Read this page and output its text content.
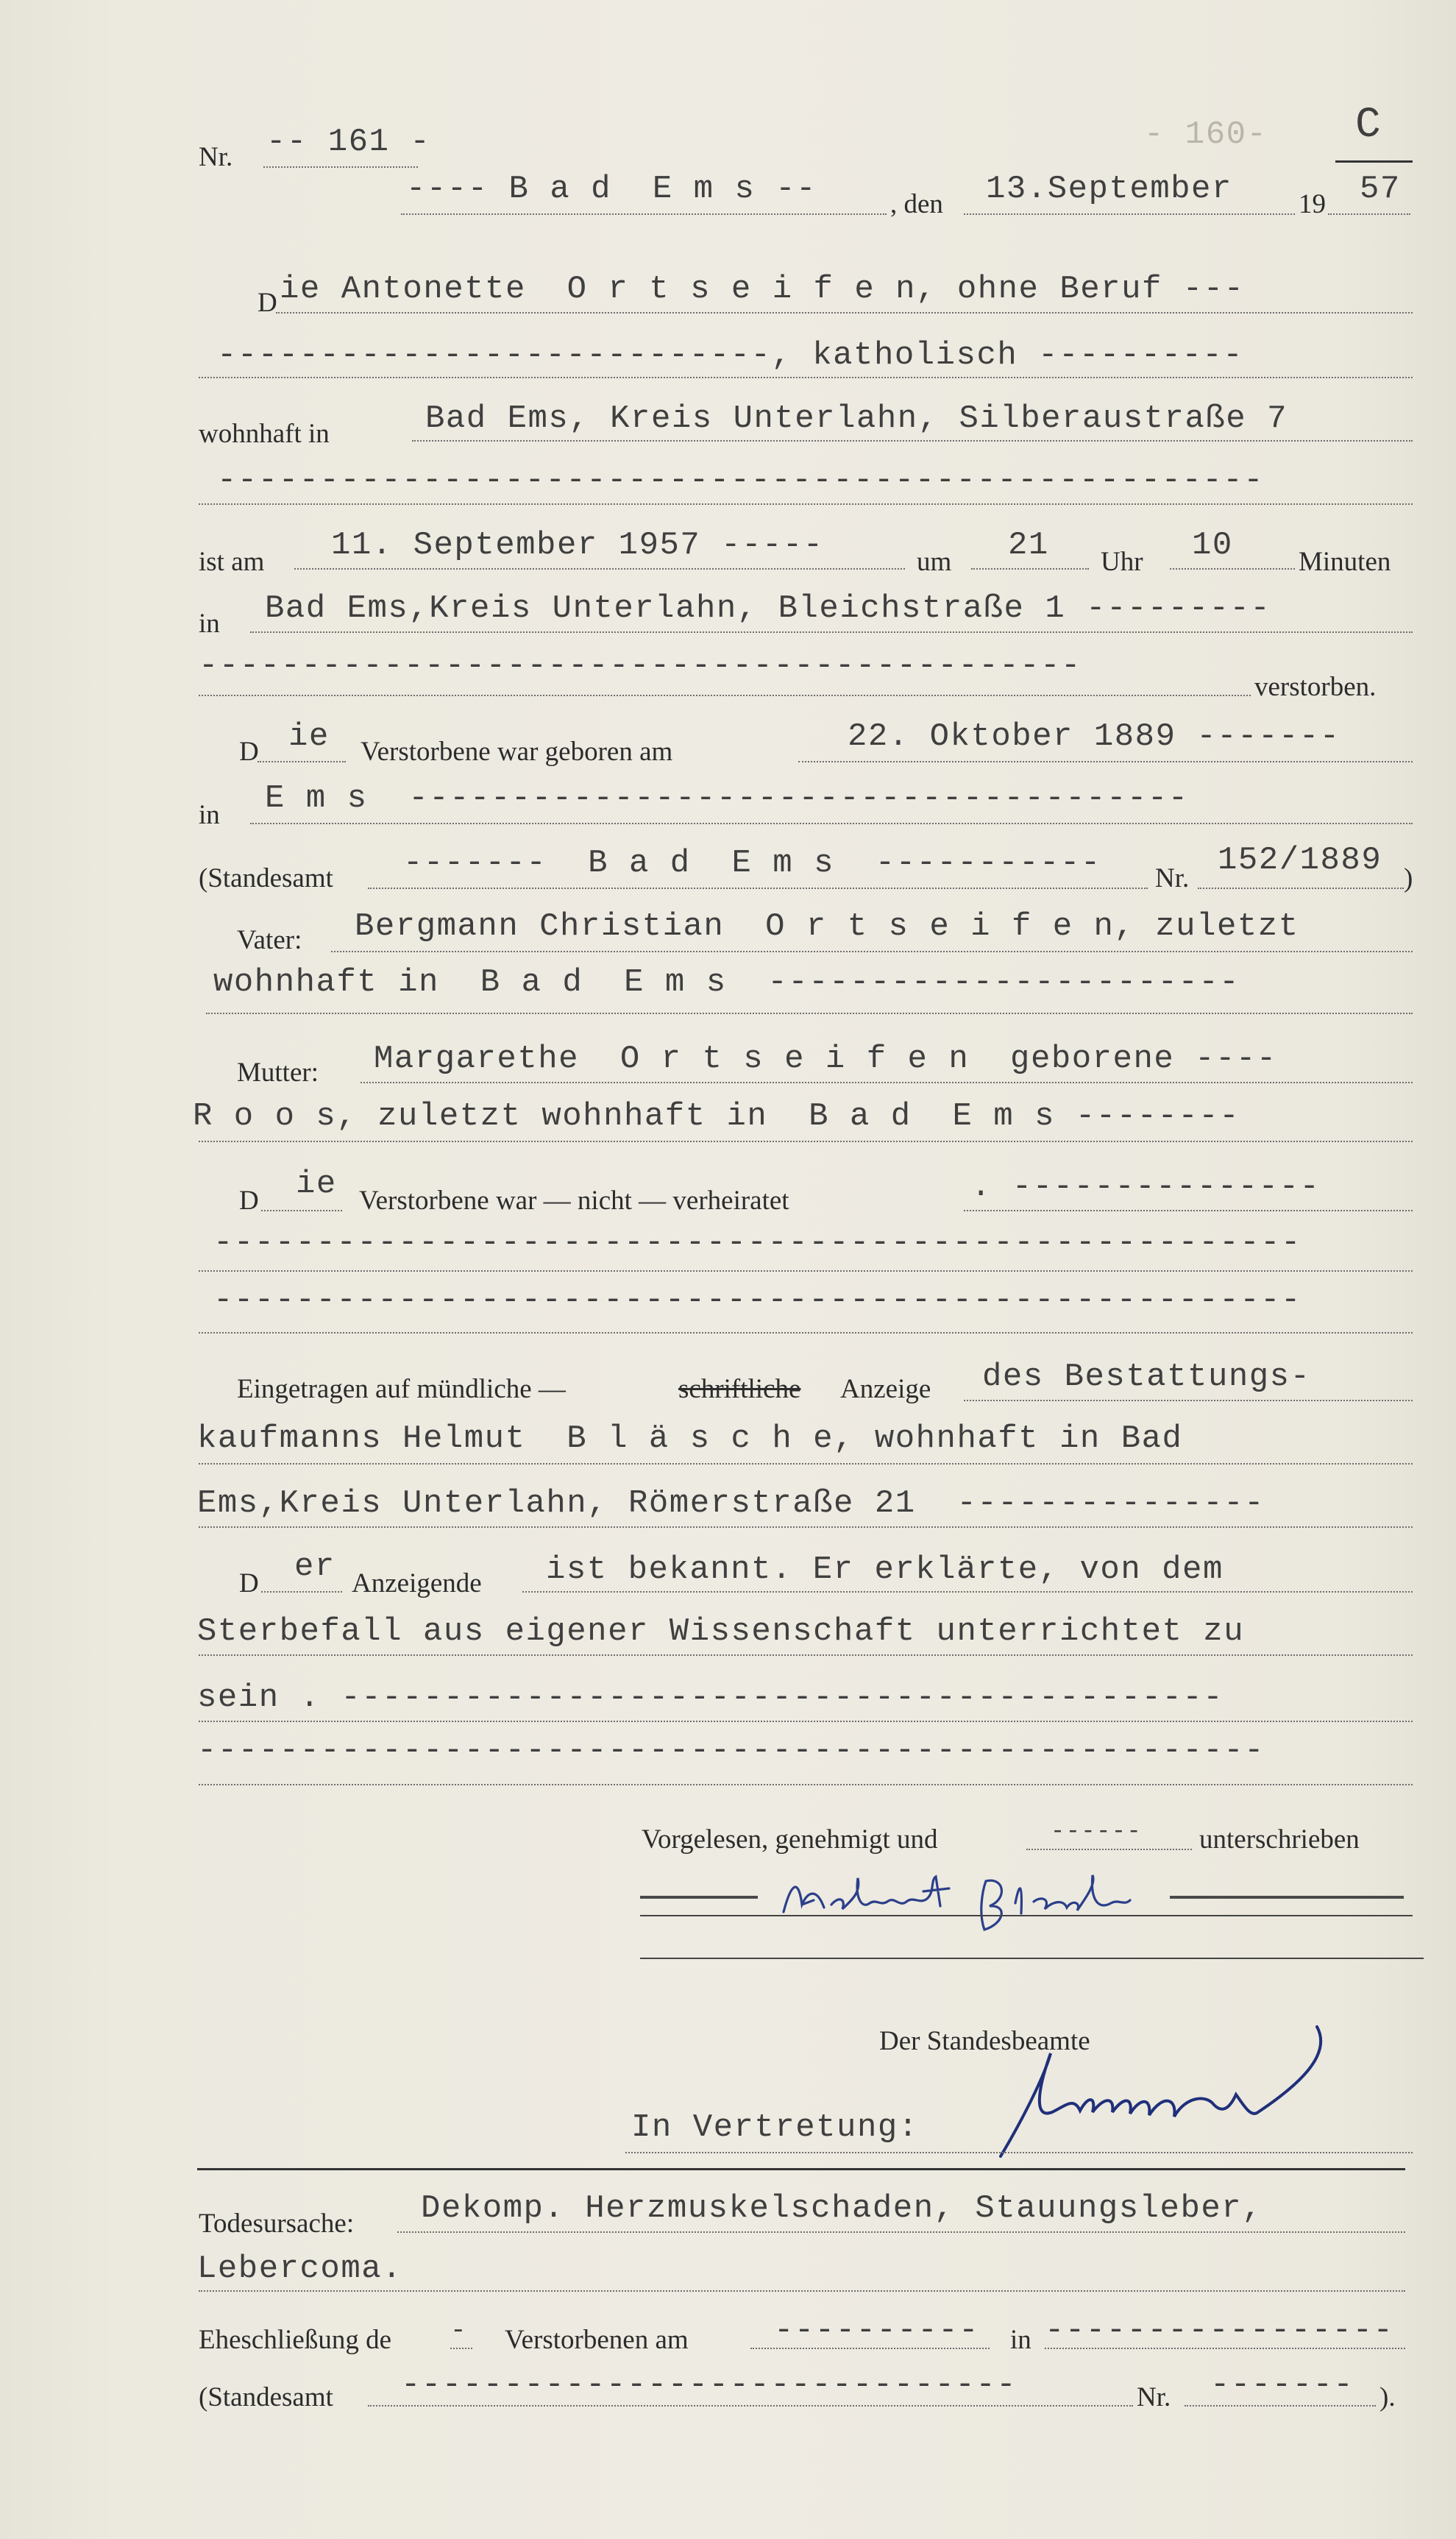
Nr. -- 161 -	- 160- C
---- B a d  E m s --	, den 13.September 19 57
D ie Antonette  O r t s e i f e n, ohne Beruf ---
---------------------------, katholisch ----------
wohnhaft in	Bad Ems, Kreis Unterlahn, Silberaustraße 7
---------------------------------------------------
ist am 11. September 1957 -----	um 21 Uhr 10 Minuten
in Bad Ems,Kreis Unterlahn, Bleichstraße 1 ---------
-------------------------------------------
verstorben.
D ie Verstorbene war geboren am	22. Oktober 1889 -------
in E m s  --------------------------------------
(Standesamt -------  B a d  E m s  ----------- Nr. 152/1889 )
Vater: Bergmann Christian  O r t s e i f e n, zuletzt
wohnhaft in  B a d  E m s  -----------------------
Mutter: Margarethe  O r t s e i f e n  geborene ----
R o o s, zuletzt wohnhaft in  B a d  E m s --------
D ie Verstorbene war — nicht — verheiratet	. ---------------
-----------------------------------------------------
-----------------------------------------------------
Eingetragen auf mündliche —	schriftliche Anzeige des Bestattungs-
kaufmanns Helmut  B l ä s c h e, wohnhaft in Bad
Ems,Kreis Unterlahn, Römerstraße 21  ---------------
D er Anzeigende ist bekannt. Er erklärte, von dem
Sterbefall aus eigener Wissenschaft unterrichtet zu
sein . -------------------------------------------
----------------------------------------------------
Vorgelesen, genehmigt und	------ unterschrieben
Der Standesbeamte
In Vertretung:
Todesursache: Dekomp. Herzmuskelschaden, Stauungsleber,
Lebercoma.
Eheschließung de - Verstorbenen am	---------- in -----------------
(Standesamt ------------------------------	Nr. ------- ).
